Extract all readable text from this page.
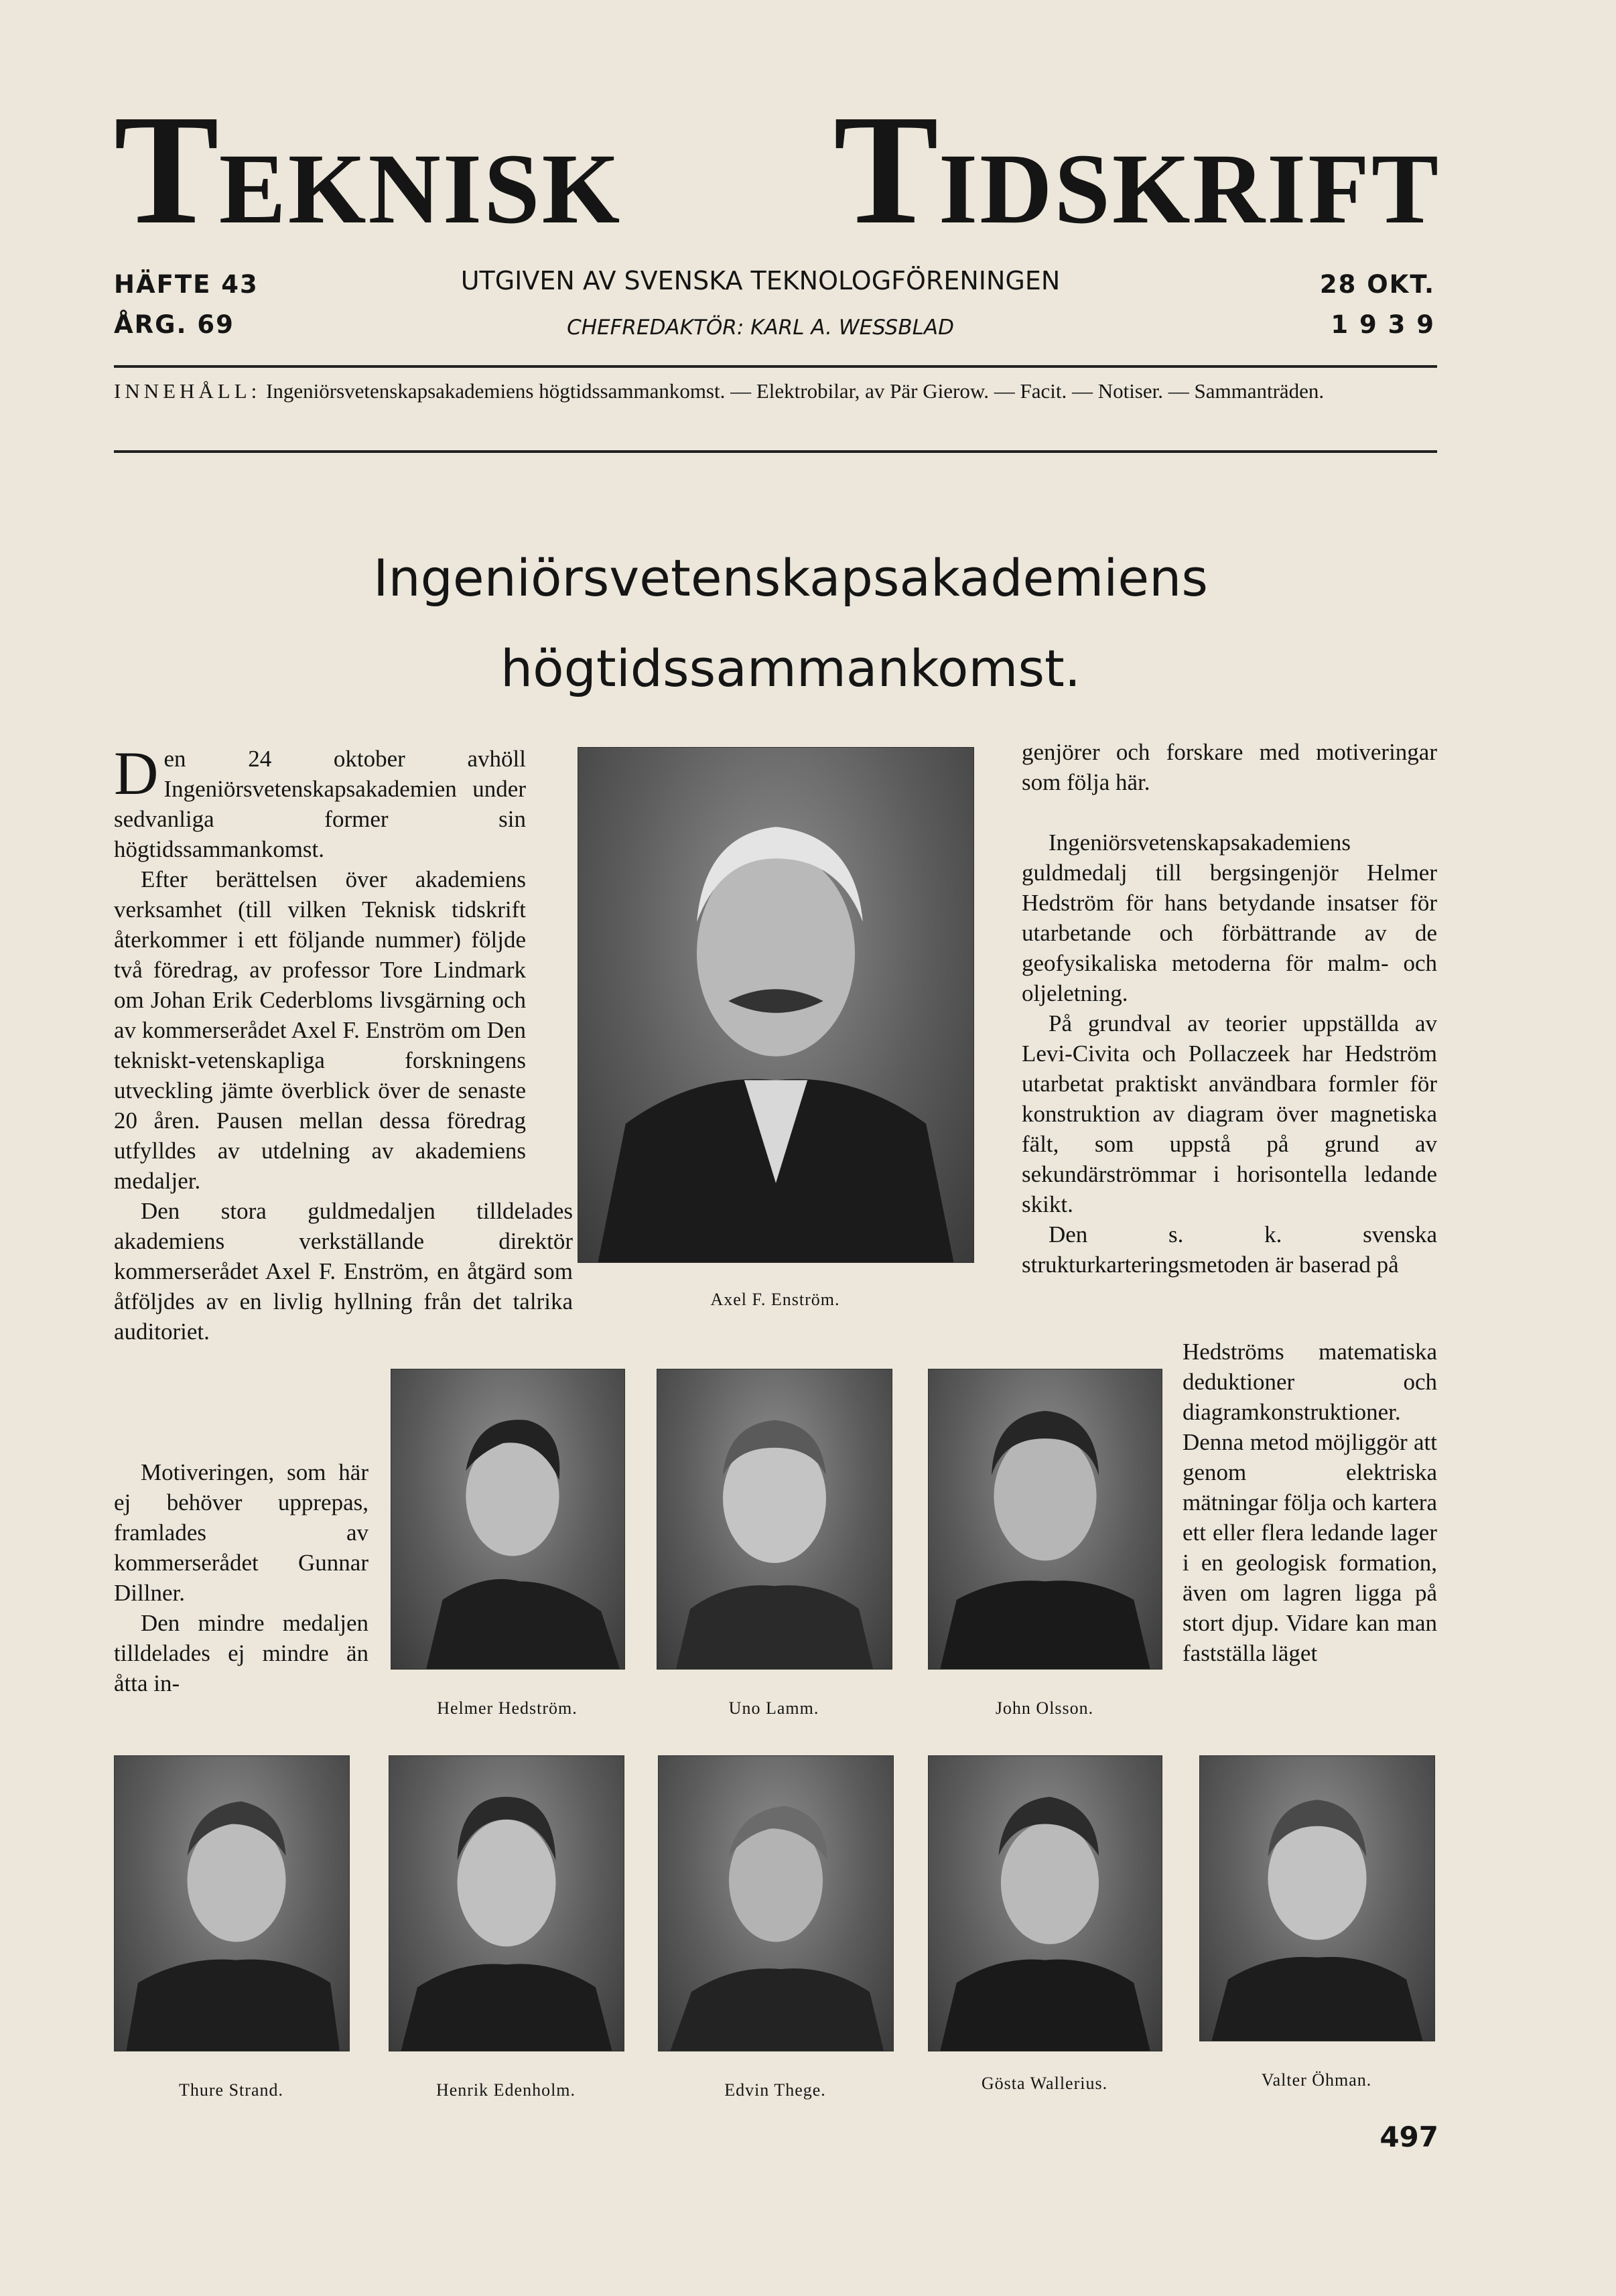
TEKNISK TIDSKRIFT
HÄFTE 43
ÅRG. 69
UTGIVEN AV SVENSKA TEKNOLOGFÖRENINGEN
CHEFREDAKTÖR: KARL A. WESSBLAD
28 OKT.
1 9 3 9
INNEHÅLL: Ingeniörsvetenskapsakademiens högtidssammankomst. — Elektrobilar, av Pär Gierow. — Facit. — Notiser. — Sammanträden.
Ingeniörsvetenskapsakademiens
högtidssammankomst.

Den 24 oktober avhöll Ingeniörsvetenskapsakademien under sedvanliga former sin högtidssammankomst.

Efter berättelsen över akademiens verksamhet (till vilken Teknisk tidskrift återkommer i ett följande nummer) följde två föredrag, av professor Tore Lindmark om Johan Erik Cederbloms livsgärning och av kommerserådet Axel F. Enström om Den tekniskt-vetenskapliga forskningens utveckling jämte överblick över de senaste 20 åren. Pausen mellan dessa föredrag utfylldes av utdelning av akademiens medaljer.

Den stora guldmedaljen tilldelades akademiens verkställande direktör kommerserådet Axel F. Enström, en åtgärd som åtföljdes av en livlig hyllning från det talrika auditoriet.

Motiveringen, som här ej behöver upprepas, framlades av kommerserådet Gunnar Dillner.

Den mindre medaljen tilldelades ej mindre än åtta in-

genjörer och forskare med motiveringar som följa här.

Ingeniörsvetenskapsakademiens guldmedalj till bergsingenjör Helmer Hedström för hans betydande insatser för utarbetande och förbättrande av de geofysikaliska metoderna för malm- och oljeletning.

På grundval av teorier uppställda av Levi-Civita och Pollaczeek har Hedström utarbetat praktiskt användbara formler för konstruktion av diagram över magnetiska fält, som uppstå på grund av sekundärströmmar i horisontella ledande skikt.

Den s. k. svenska strukturkarteringsmetoden är baserad på

Hedströms matematiska deduktioner och diagramkonstruktioner. Denna metod möjliggör att genom elektriska mätningar följa och kartera ett eller flera ledande lager i en geologisk formation, även om lagren ligga på stort djup. Vidare kan man fastställa läget

Axel F. Enström.
Helmer Hedström.	Uno Lamm.	John Olsson.
Thure Strand.	Henrik Edenholm.	Edvin Thege.	Gösta Wallerius.	Valter Öhman.
497
